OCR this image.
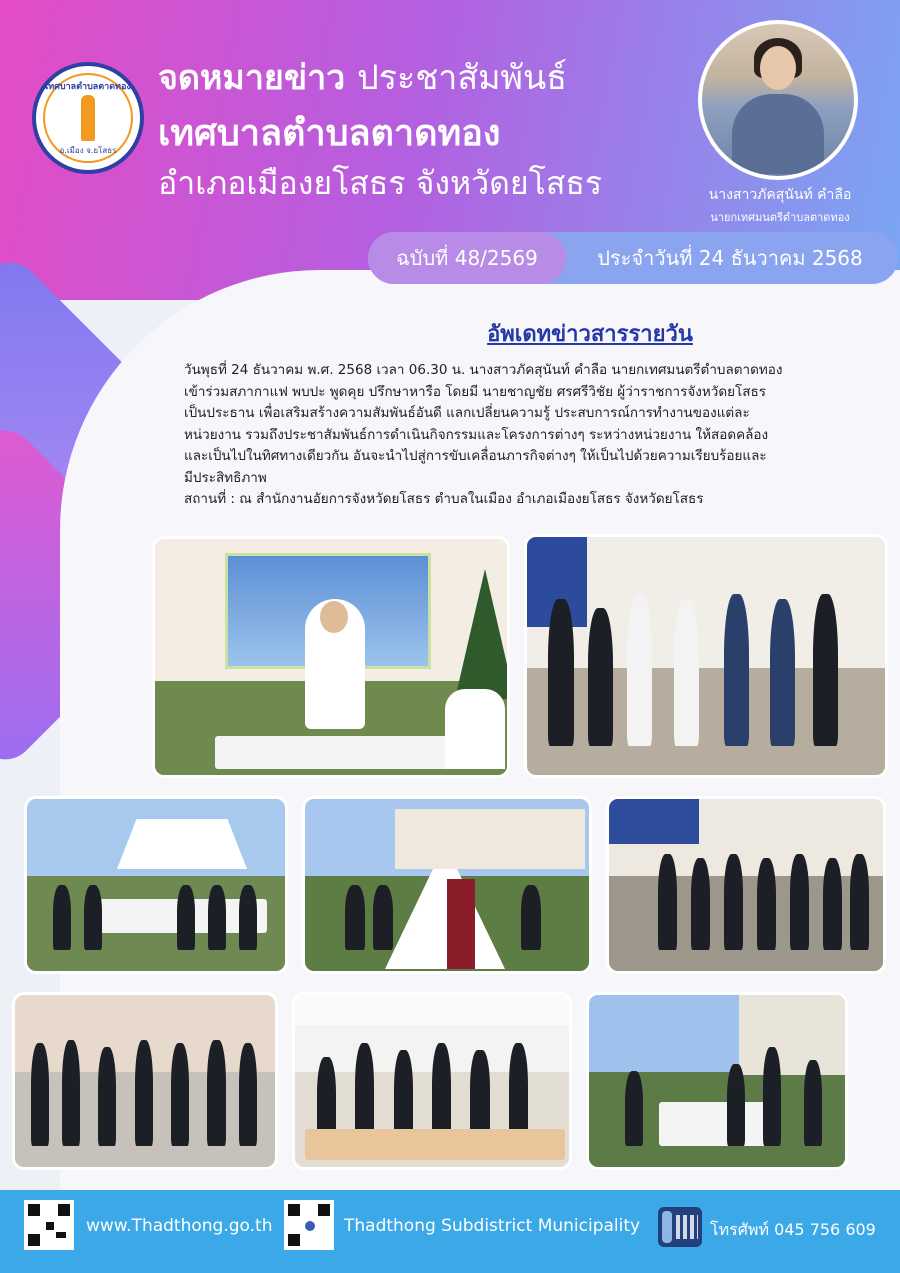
เทศบาลตำบลตาดทอง
อ.เมือง จ.ยโสธร
จดหมายข่าว ประชาสัมพันธ์
เทศบาลตำบลตาดทอง
อำเภอเมืองยโสธร จังหวัดยโสธร	นางสาวภัคสุนันท์ คำลือ
นายกเทศมนตรีตำบลตาดทอง
ฉบับที่ 48/2569	ประจำวันที่ 24 ธันวาคม 2568
อัพเดทข่าวสารรายวัน

วันพุธที่ 24 ธันวาคม พ.ศ. 2568 เวลา 06.30 น. นางสาวภัคสุนันท์ คำลือ นายกเทศมนตรีตำบลตาดทอง

เข้าร่วมสภากาแฟ พบปะ พูดคุย ปรึกษาหารือ โดยมี นายชาญชัย ศรศรีวิชัย ผู้ว่าราชการจังหวัดยโสธร

เป็นประธาน เพื่อเสริมสร้างความสัมพันธ์อันดี แลกเปลี่ยนความรู้ ประสบการณ์การทำงานของแต่ละ

หน่วยงาน รวมถึงประชาสัมพันธ์การดำเนินกิจกรรมและโครงการต่างๆ ระหว่างหน่วยงาน ให้สอดคล้อง

และเป็นไปในทิศทางเดียวกัน อันจะนำไปสู่การขับเคลื่อนภารกิจต่างๆ ให้เป็นไปด้วยความเรียบร้อยและ

มีประสิทธิภาพ

สถานที่ : ณ สำนักงานอัยการจังหวัดยโสธร ตำบลในเมือง อำเภอเมืองยโสธร จังหวัดยโสธร

www.Thadthong.go.th	Thadthong Subdistrict Municipality	โทรศัพท์ 045 756 609
